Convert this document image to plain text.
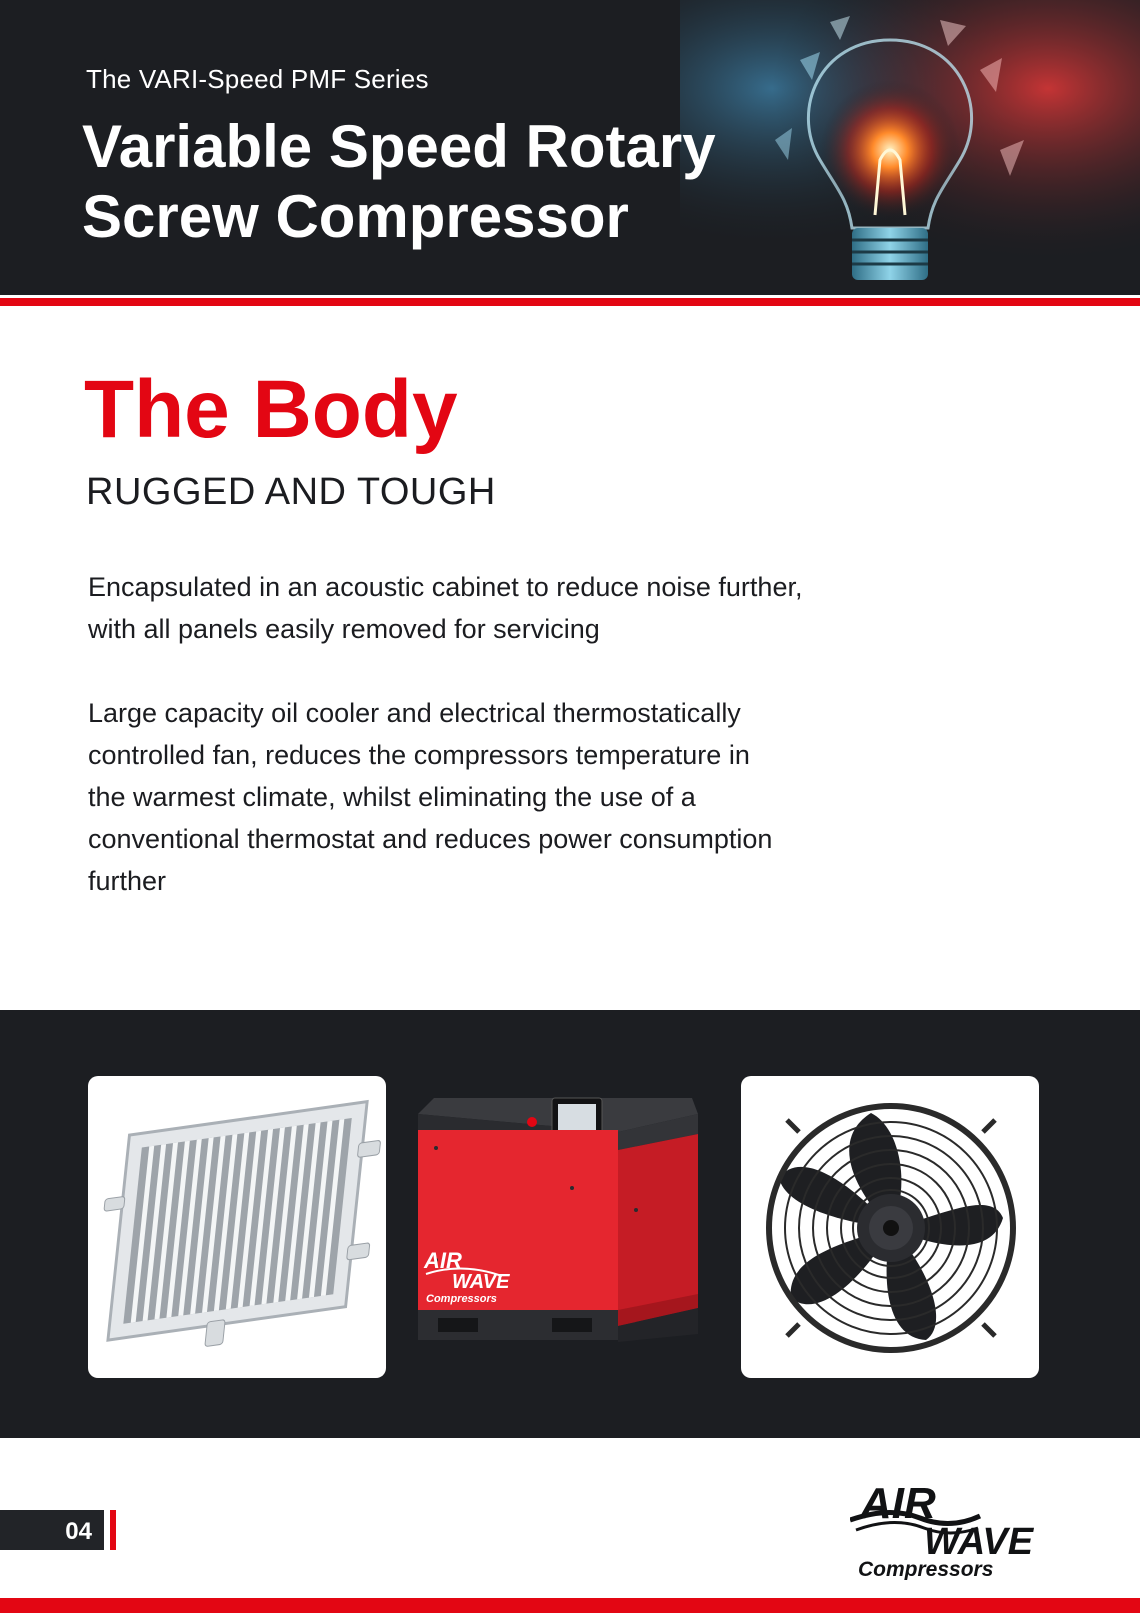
The VARI-Speed PMF Series
Variable Speed Rotary
Screw Compressor
The Body
RUGGED AND TOUGH
Encapsulated in an acoustic cabinet to reduce noise further,
with all panels easily removed for servicing
Large capacity oil cooler and electrical thermostatically
controlled fan, reduces the compressors temperature in
the warmest climate, whilst eliminating the use of a
conventional thermostat and reduces power consumption
further
AIR
WAVE
Compressors
04
AIR
WAVE
Compressors
